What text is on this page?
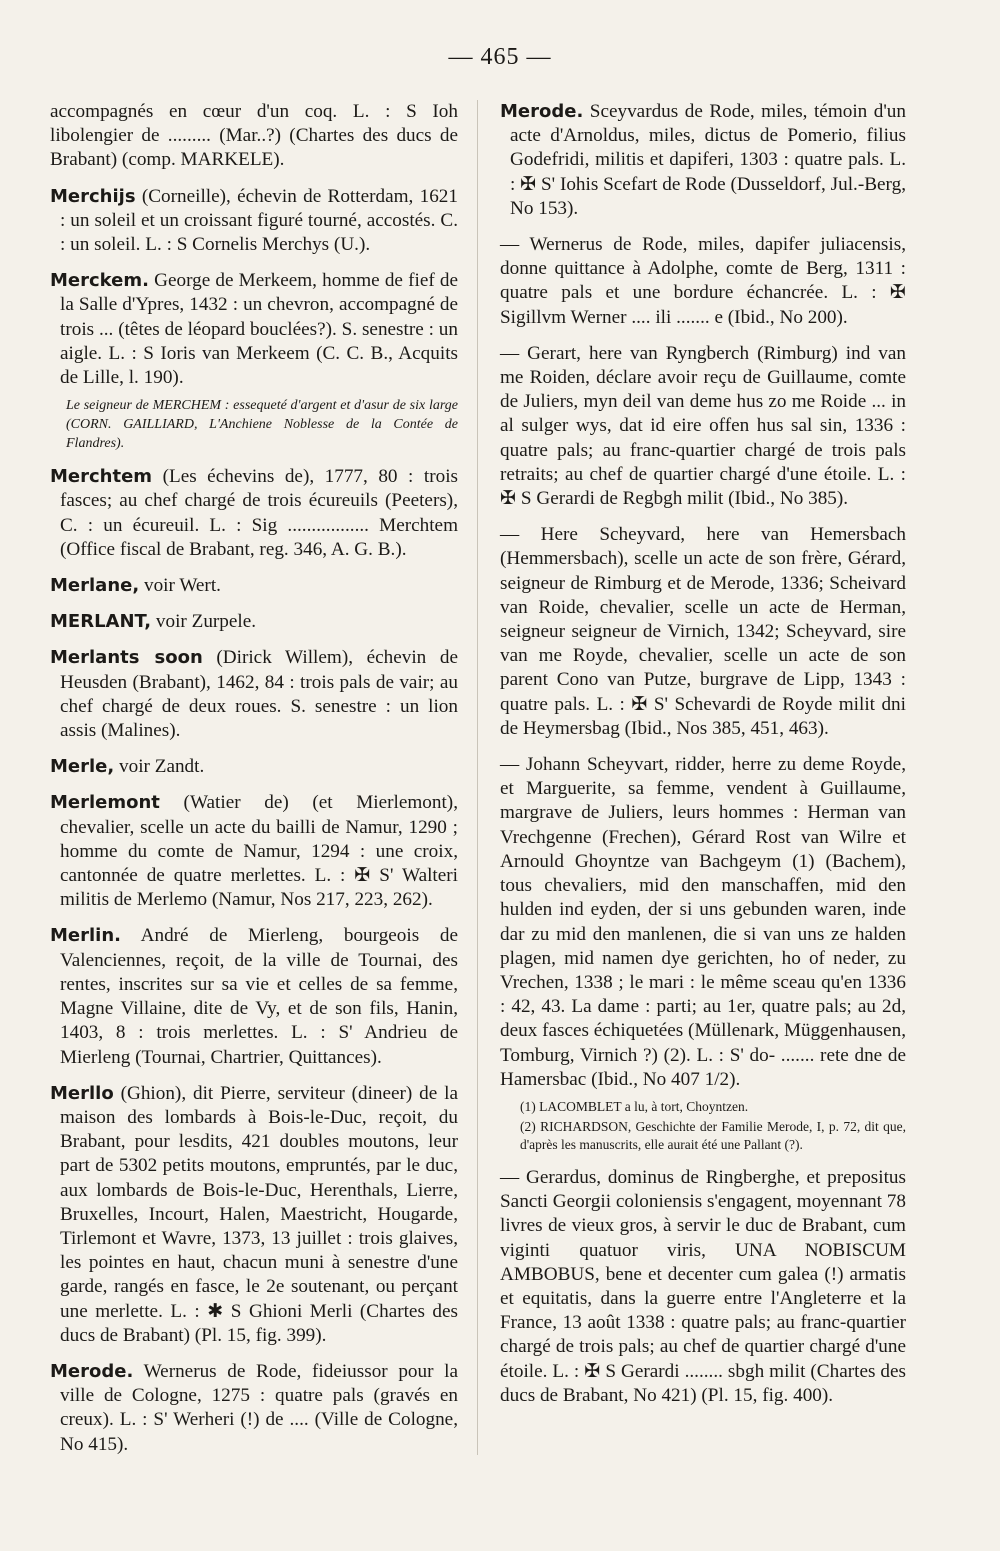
— 465 —

accompagnés en cœur d'un coq. L. : S Ioh libolengier de ......... (Mar..?) (Chartes des ducs de Brabant) (comp. MARKELE).

Merchijs (Corneille), échevin de Rotterdam, 1621 : un soleil et un croissant figuré tourné, accostés. C. : un soleil. L. : S Cornelis Merchys (U.).

Merckem. George de Merkeem, homme de fief de la Salle d'Ypres, 1432 : un chevron, accompagné de trois ... (têtes de léopard bouclées?). S. senestre : un aigle. L. : S Ioris van Merkeem (C. C. B., Acquits de Lille, l. 190).

Le seigneur de MERCHEM : essequeté d'argent et d'asur de six large (CORN. GAILLIARD, L'Anchiene Noblesse de la Contée de Flandres).

Merchtem (Les échevins de), 1777, 80 : trois fasces; au chef chargé de trois écureuils (Peeters), C. : un écureuil. L. : Sig ................. Merchtem (Office fiscal de Brabant, reg. 346, A. G. B.).

Merlane, voir Wert.

MERLANT, voir Zurpele.

Merlants soon (Dirick Willem), échevin de Heusden (Brabant), 1462, 84 : trois pals de vair; au chef chargé de deux roues. S. senestre : un lion assis (Malines).

Merle, voir Zandt.

Merlemont (Watier de) (et Mierlemont), chevalier, scelle un acte du bailli de Namur, 1290 ; homme du comte de Namur, 1294 : une croix, cantonnée de quatre merlettes. L. : ✠ S' Walteri militis de Merlemo (Namur, Nos 217, 223, 262).

Merlin. André de Mierleng, bourgeois de Valenciennes, reçoit, de la ville de Tournai, des rentes, inscrites sur sa vie et celles de sa femme, Magne Villaine, dite de Vy, et de son fils, Hanin, 1403, 8 : trois merlettes. L. : S' Andrieu de Mierleng (Tournai, Chartrier, Quittances).

Merllo (Ghion), dit Pierre, serviteur (dineer) de la maison des lombards à Bois-le-Duc, reçoit, du Brabant, pour lesdits, 421 doubles moutons, leur part de 5302 petits moutons, empruntés, par le duc, aux lombards de Bois-le-Duc, Herenthals, Lierre, Bruxelles, Incourt, Halen, Maestricht, Hougarde, Tirlemont et Wavre, 1373, 13 juillet : trois glaives, les pointes en haut, chacun muni à senestre d'une garde, rangés en fasce, le 2e soutenant, ou perçant une merlette. L. : ✱ S Ghioni Merli (Chartes des ducs de Brabant) (Pl. 15, fig. 399).

Merode. Wernerus de Rode, fideiussor pour la ville de Cologne, 1275 : quatre pals (gravés en creux). L. : S' Werheri (!) de .... (Ville de Cologne, No 415).

Merode. Sceyvardus de Rode, miles, témoin d'un acte d'Arnoldus, miles, dictus de Pomerio, filius Godefridi, militis et dapiferi, 1303 : quatre pals. L. : ✠ S' Iohis Scefart de Rode (Dusseldorf, Jul.-Berg, No 153).

— Wernerus de Rode, miles, dapifer juliacensis, donne quittance à Adolphe, comte de Berg, 1311 : quatre pals et une bordure échancrée. L. : ✠ Sigillvm Werner .... ili ....... e (Ibid., No 200).

— Gerart, here van Ryngberch (Rimburg) ind van me Roiden, déclare avoir reçu de Guillaume, comte de Juliers, myn deil van deme hus zo me Roide ... in al sulger wys, dat id eire offen hus sal sin, 1336 : quatre pals; au franc-quartier chargé de trois pals retraits; au chef de quartier chargé d'une étoile. L. : ✠ S Gerardi de Regbgh milit (Ibid., No 385).

— Here Scheyvard, here van Hemersbach (Hemmersbach), scelle un acte de son frère, Gérard, seigneur de Rimburg et de Merode, 1336; Scheivard van Roide, chevalier, scelle un acte de Herman, seigneur seigneur de Virnich, 1342; Scheyvard, sire van me Royde, chevalier, scelle un acte de son parent Cono van Putze, burgrave de Lipp, 1343 : quatre pals. L. : ✠ S' Schevardi de Royde milit dni de Heymersbag (Ibid., Nos 385, 451, 463).

— Johann Scheyvart, ridder, herre zu deme Royde, et Marguerite, sa femme, vendent à Guillaume, margrave de Juliers, leurs hommes : Herman van Vrechgenne (Frechen), Gérard Rost van Wilre et Arnould Ghoyntze van Bachgeym (1) (Bachem), tous chevaliers, mid den manschaffen, mid den hulden ind eyden, der si uns gebunden waren, inde dar zu mid den manlenen, die si van uns ze halden plagen, mid namen dye gerichten, ho of neder, zu Vrechen, 1338 ; le mari : le même sceau qu'en 1336 : 42, 43. La dame : parti; au 1er, quatre pals; au 2d, deux fasces échiquetées (Müllenark, Müggenhausen, Tomburg, Virnich ?) (2). L. : S' do- ....... rete dne de Hamersbac (Ibid., No 407 1/2).

(1) LACOMBLET a lu, à tort, Choyntzen.

(2) RICHARDSON, Geschichte der Familie Merode, I, p. 72, dit que, d'après les manuscrits, elle aurait été une Pallant (?).

— Gerardus, dominus de Ringberghe, et prepositus Sancti Georgii coloniensis s'engagent, moyennant 78 livres de vieux gros, à servir le duc de Brabant, cum viginti quatuor viris, UNA NOBISCUM AMBOBUS, bene et decenter cum galea (!) armatis et equitatis, dans la guerre entre l'Angleterre et la France, 13 août 1338 : quatre pals; au franc-quartier chargé de trois pals; au chef de quartier chargé d'une étoile. L. : ✠ S Gerardi ........ sbgh milit (Chartes des ducs de Brabant, No 421) (Pl. 15, fig. 400).
